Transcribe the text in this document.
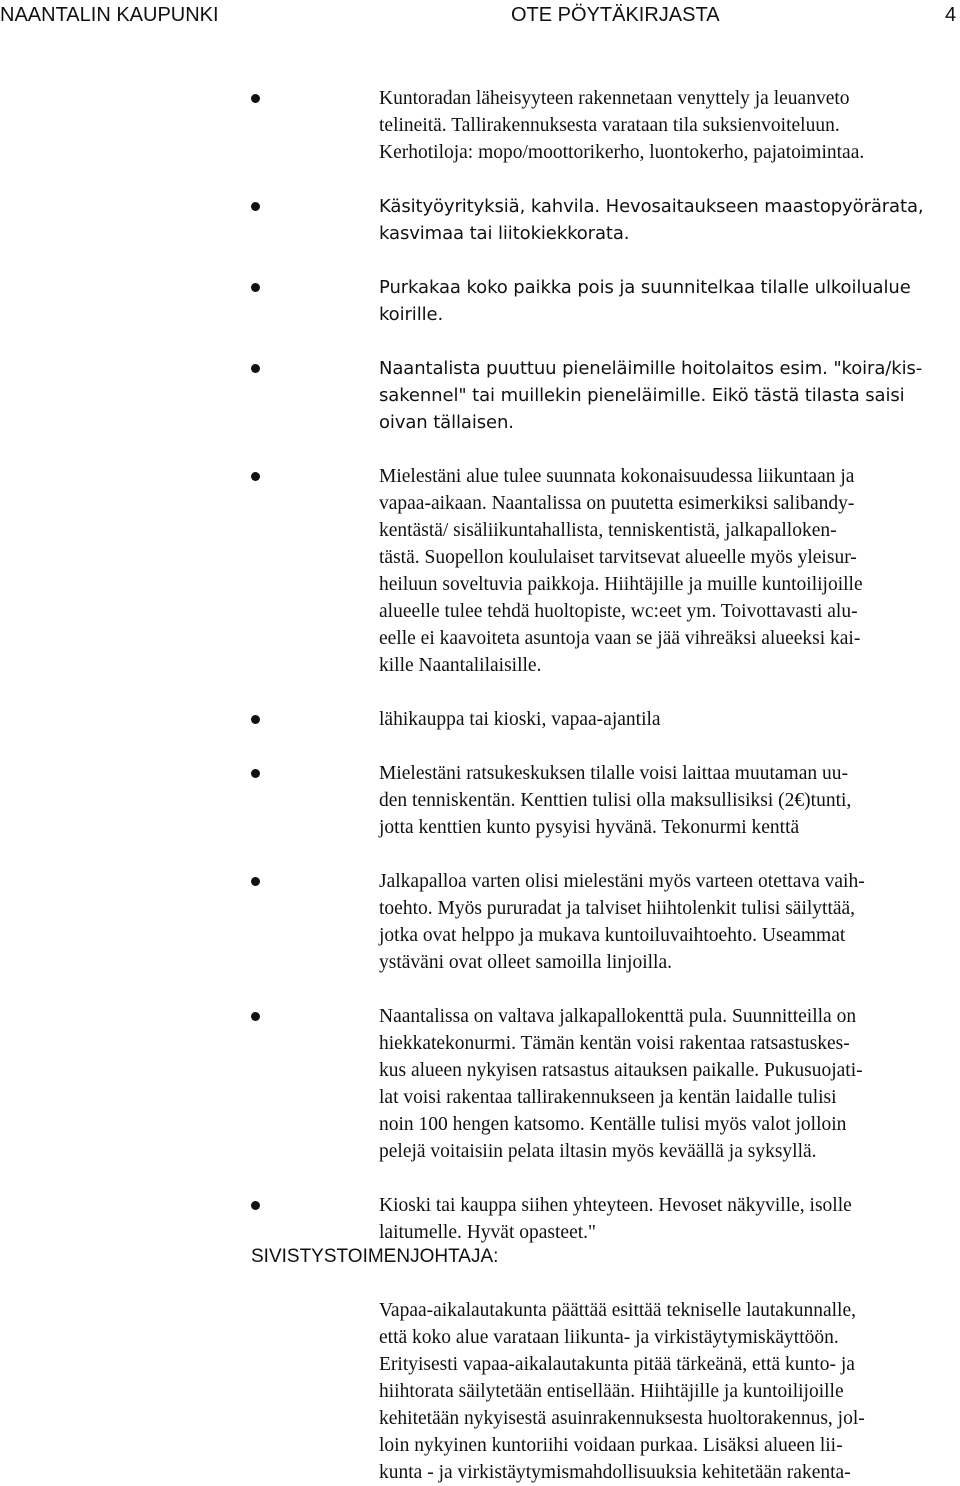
NAANTALIN KAUPUNKI	OTE PÖYTÄKIRJASTA	4
Kuntoradan läheisyyteen rakennetaan venyttely ja leuanveto
telineitä. Tallirakennuksesta varataan tila suksienvoiteluun.
Kerhotiloja: mopo/moottorikerho, luontokerho, pajatoimintaa.
Käsityöyrityksiä, kahvila. Hevosaitaukseen maastopyörärata,
kasvimaa tai liitokiekkorata.
Purkakaa koko paikka pois ja suunnitelkaa tilalle ulkoilualue
koirille.
Naantalista puuttuu pieneläimille hoitolaitos esim. "koira/kis-
sakennel" tai muillekin pieneläimille. Eikö tästä tilasta saisi
oivan tällaisen.
Mielestäni alue tulee suunnata kokonaisuudessa liikuntaan ja
vapaa-aikaan. Naantalissa on puutetta esimerkiksi salibandy-
kentästä/ sisäliikuntahallista, tenniskentistä, jalkapalloken-
tästä. Suopellon koululaiset tarvitsevat alueelle myös yleisur-
heiluun soveltuvia paikkoja. Hiihtäjille ja muille kuntoilijoille
alueelle tulee tehdä huoltopiste, wc:eet ym. Toivottavasti alu-
eelle ei kaavoiteta asuntoja vaan se jää vihreäksi alueeksi kai-
kille Naantalilaisille.
lähikauppa tai kioski, vapaa-ajantila
Mielestäni ratsukeskuksen tilalle voisi laittaa muutaman uu-
den tenniskentän. Kenttien tulisi olla maksullisiksi (2€)tunti,
jotta kenttien kunto pysyisi hyvänä. Tekonurmi kenttä
Jalkapalloa varten olisi mielestäni myös varteen otettava vaih-
toehto. Myös pururadat ja talviset hiihtolenkit tulisi säilyttää,
jotka ovat helppo ja mukava kuntoiluvaihtoehto. Useammat
ystäväni ovat olleet samoilla linjoilla.
Naantalissa on valtava jalkapallokenttä pula. Suunnitteilla on
hiekkatekonurmi. Tämän kentän voisi rakentaa ratsastuskes-
kus alueen nykyisen ratsastus aitauksen paikalle. Pukusuojati-
lat voisi rakentaa tallirakennukseen ja kentän laidalle tulisi
noin 100 hengen katsomo. Kentälle tulisi myös valot jolloin
pelejä voitaisiin pelata iltasin myös keväällä ja syksyllä.
Kioski tai kauppa siihen yhteyteen. Hevoset näkyville, isolle
laitumelle. Hyvät opasteet."
SIVISTYSTOIMENJOHTAJA:
Vapaa-aikalautakunta päättää esittää tekniselle lautakunnalle,
että koko alue varataan liikunta- ja virkistäytymiskäyttöön.
Erityisesti vapaa-aikalautakunta pitää tärkeänä, että kunto- ja
hiihtorata säilytetään entisellään. Hiihtäjille ja kuntoilijoille
kehitetään nykyisestä asuinrakennuksesta huoltorakennus, jol-
loin nykyinen kuntoriihi voidaan purkaa. Lisäksi alueen lii-
kunta - ja virkistäytymismahdollisuuksia kehitetään rakenta-
